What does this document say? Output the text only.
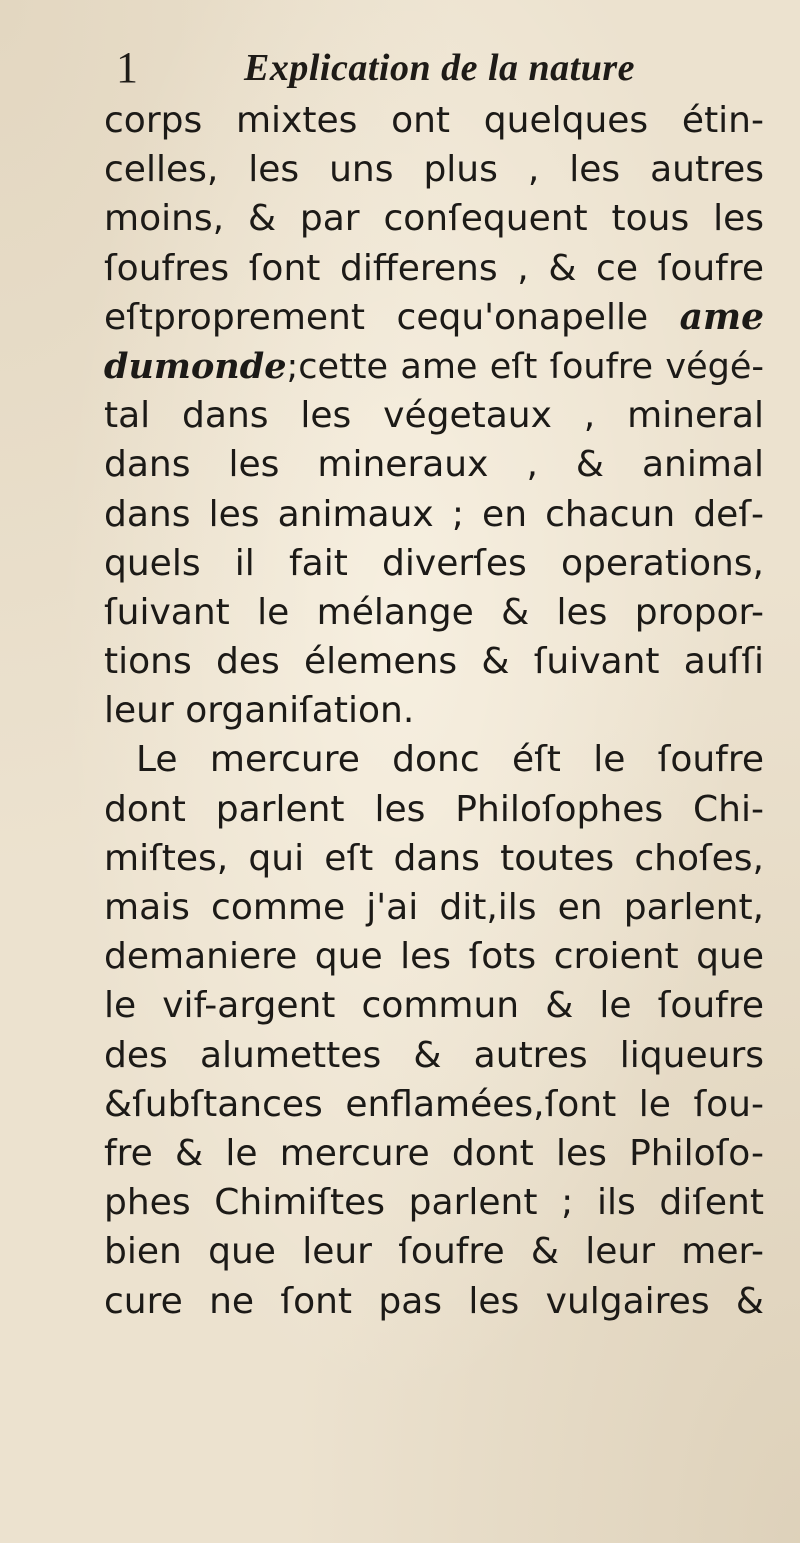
1	Explication de la nature
corps mixtes ont quelques étin-
celles, les uns plus , les autres
moins, & par conſequent tous les
ſoufres ſont differens , & ce ſoufre
eſtproprement cequ'onapelle ame
dumonde;cette ame eſt ſoufre végé-
tal dans les végetaux , mineral
dans les mineraux , & animal
dans les animaux ; en chacun deſ-
quels il fait diverſes operations,
ſuivant le mélange & les propor-
tions des élemens & ſuivant auſſi
leur organiſation.
Le mercure donc éſt le ſoufre
dont parlent les Philoſophes Chi-
miſtes, qui eſt dans toutes choſes,
mais comme j'ai dit,ils en parlent,
demaniere que les ſots croient que
le vif-argent commun & le ſoufre
des alumettes & autres liqueurs
&ſubſtances enflamées,ſont le ſou-
fre & le mercure dont les Philoſo-
phes Chimiſtes parlent ; ils diſent
bien que leur ſoufre & leur mer-
cure ne ſont pas les vulgaires &
